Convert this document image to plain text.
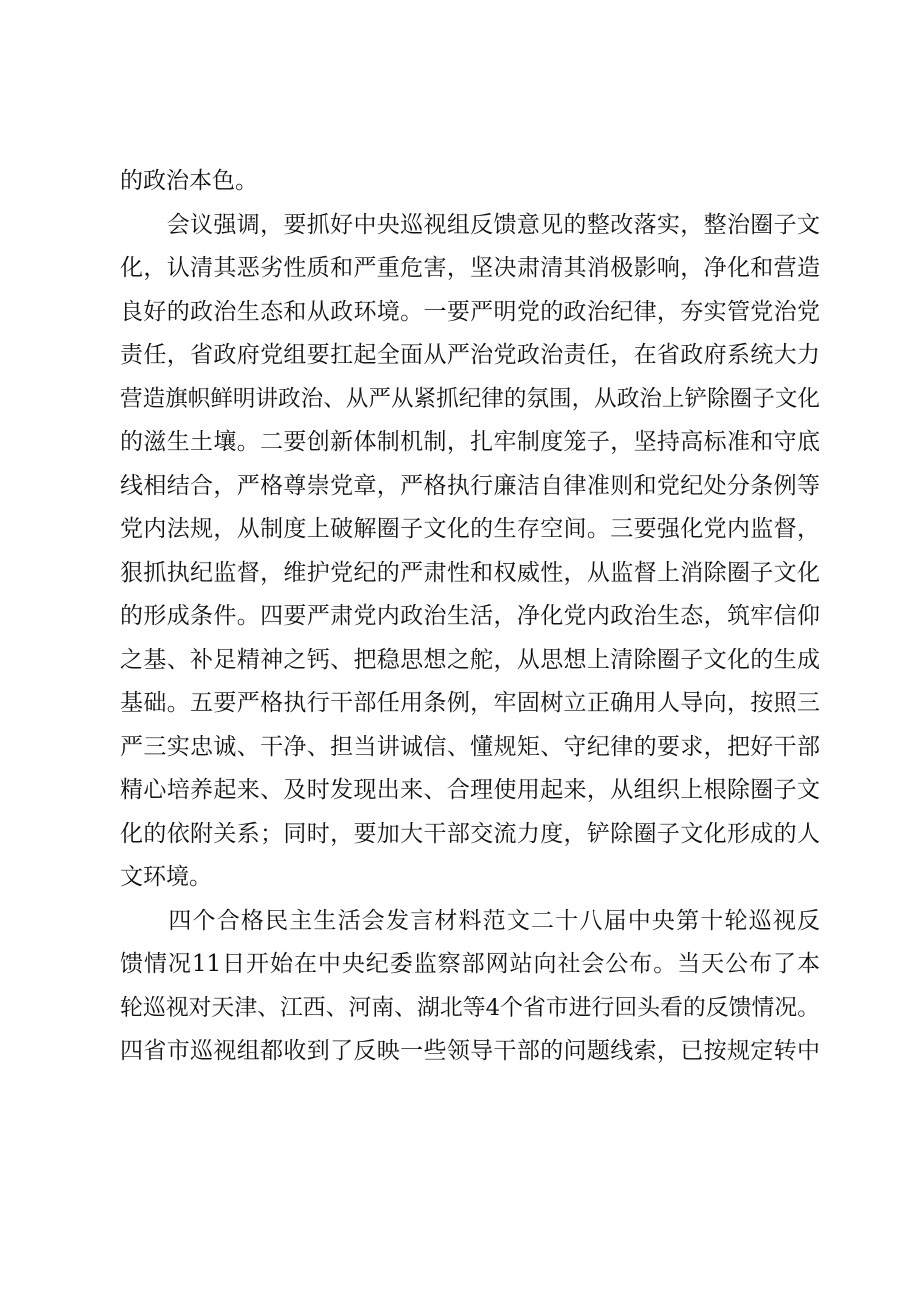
的政治本色。
　　会议强调，要抓好中央巡视组反馈意见的整改落实，整治圈子文
化，认清其恶劣性质和严重危害，坚决肃清其消极影响，净化和营造
良好的政治生态和从政环境。一要严明党的政治纪律，夯实管党治党
责任，省政府党组要扛起全面从严治党政治责任，在省政府系统大力
营造旗帜鲜明讲政治、从严从紧抓纪律的氛围，从政治上铲除圈子文化
的滋生土壤。二要创新体制机制，扎牢制度笼子，坚持高标准和守底
线相结合，严格尊崇党章，严格执行廉洁自律准则和党纪处分条例等
党内法规，从制度上破解圈子文化的生存空间。三要强化党内监督，
狠抓执纪监督，维护党纪的严肃性和权威性，从监督上消除圈子文化
的形成条件。四要严肃党内政治生活，净化党内政治生态，筑牢信仰
之基、补足精神之钙、把稳思想之舵，从思想上清除圈子文化的生成
基础。五要严格执行干部任用条例，牢固树立正确用人导向，按照三
严三实忠诚、干净、担当讲诚信、懂规矩、守纪律的要求，把好干部
精心培养起来、及时发现出来、合理使用起来，从组织上根除圈子文
化的依附关系；同时，要加大干部交流力度，铲除圈子文化形成的人
文环境。
　　四个合格民主生活会发言材料范文二十八届中央第十轮巡视反
馈情况11日开始在中央纪委监察部网站向社会公布。当天公布了本
轮巡视对天津、江西、河南、湖北等4个省市进行回头看的反馈情况。
四省市巡视组都收到了反映一些领导干部的问题线索，已按规定转中
